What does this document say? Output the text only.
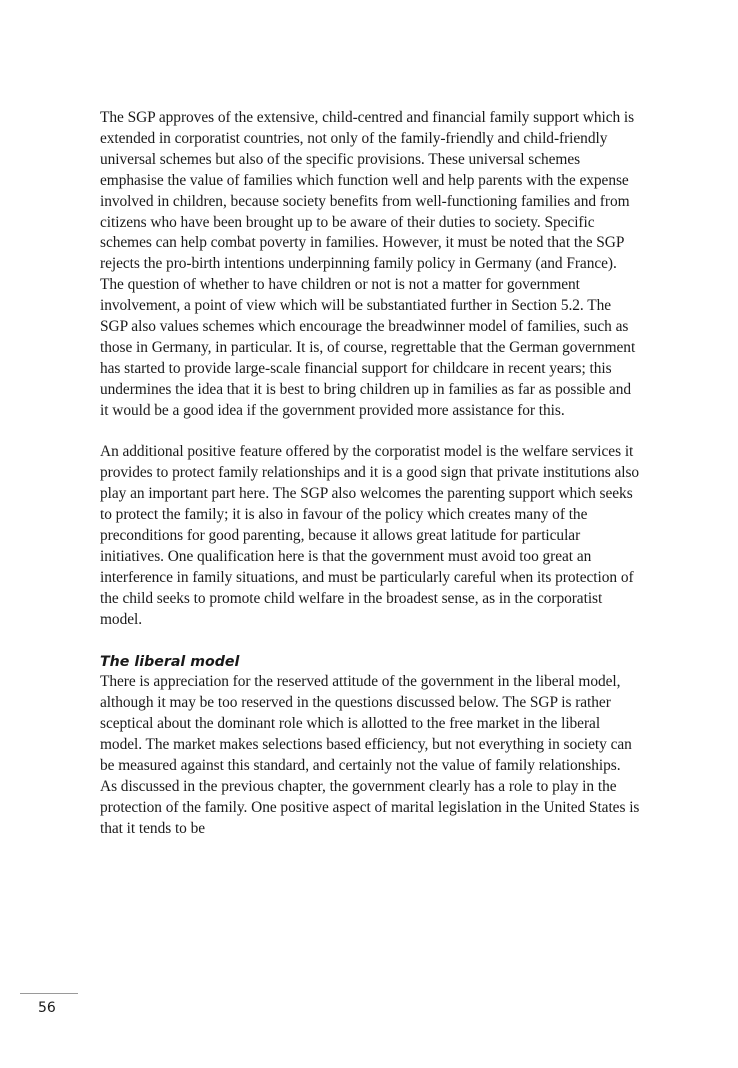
The SGP approves of the extensive, child-centred and financial family support which is extended in corporatist countries, not only of the family-friendly and child-friendly universal schemes but also of the specific provisions. These universal schemes emphasise the value of families which function well and help parents with the expense involved in children, because society benefits from well-functioning families and from citizens who have been brought up to be aware of their duties to society. Specific schemes can help combat poverty in families. However, it must be noted that the SGP rejects the pro-birth intentions underpinning family policy in Germany (and France). The question of whether to have children or not is not a matter for government involvement, a point of view which will be substantiated further in Section 5.2. The SGP also values schemes which encourage the breadwinner model of families, such as those in Germany, in particular. It is, of course, regrettable that the German government has started to provide large-scale financial support for childcare in recent years; this undermines the idea that it is best to bring children up in families as far as possible and it would be a good idea if the government provided more assistance for this.

An additional positive feature offered by the corporatist model is the welfare services it provides to protect family relationships and it is a good sign that private institutions also play an important part here. The SGP also welcomes the parenting support which seeks to protect the family; it is also in favour of the policy which creates many of the preconditions for good parenting, because it allows great latitude for particular initiatives. One qualification here is that the government must avoid too great an interference in family situations, and must be particularly careful when its protection of the child seeks to promote child welfare in the broadest sense, as in the corporatist model.

The liberal model

There is appreciation for the reserved attitude of the government in the liberal model, although it may be too reserved in the questions discussed below. The SGP is rather sceptical about the dominant role which is allotted to the free market in the liberal model. The market makes selections based efficiency, but not everything in society can be measured against this standard, and certainly not the value of family relationships. As discussed in the previous chapter, the government clearly has a role to play in the protection of the family. One positive aspect of marital legislation in the United States is that it tends to be

56
